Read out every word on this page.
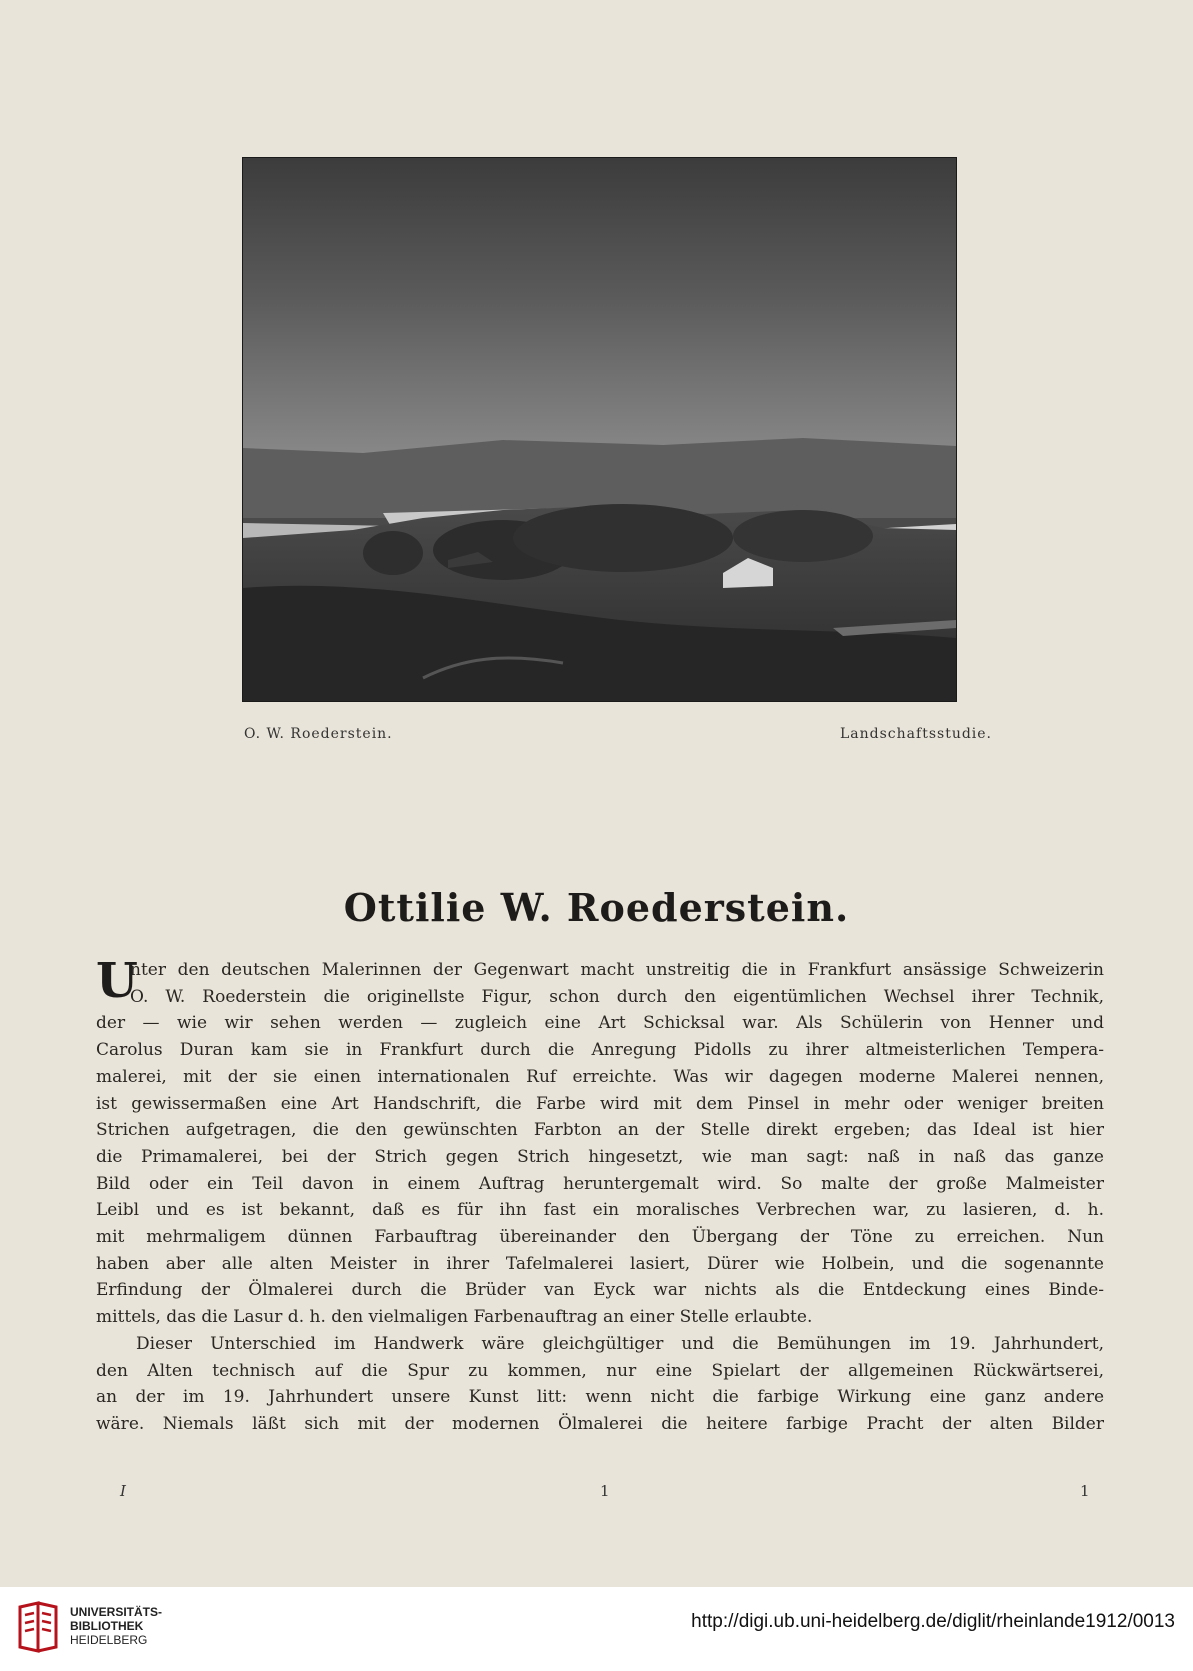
O. W. Roederstein.	Landschaftsstudie.
Ottilie W. Roederstein.

U
nter den deutschen Malerinnen der Gegenwart macht unstreitig die in Frankfurt ansässige Schweizerin

O. W. Roederstein die originellste Figur, schon durch den eigentümlichen Wechsel ihrer Technik,

der — wie wir sehen werden — zugleich eine Art Schicksal war. Als Schülerin von Henner und

Carolus Duran kam sie in Frankfurt durch die Anregung Pidolls zu ihrer altmeisterlichen Tempera-

malerei, mit der sie einen internationalen Ruf erreichte. Was wir dagegen moderne Malerei nennen,

ist gewissermaßen eine Art Handschrift, die Farbe wird mit dem Pinsel in mehr oder weniger breiten

Strichen aufgetragen, die den gewünschten Farbton an der Stelle direkt ergeben; das Ideal ist hier

die Primamalerei, bei der Strich gegen Strich hingesetzt, wie man sagt: naß in naß das ganze

Bild oder ein Teil davon in einem Auftrag heruntergemalt wird. So malte der große Malmeister

Leibl und es ist bekannt, daß es für ihn fast ein moralisches Verbrechen war, zu lasieren, d. h.

mit mehrmaligem dünnen Farbauftrag übereinander den Übergang der Töne zu erreichen. Nun

haben aber alle alten Meister in ihrer Tafelmalerei lasiert, Dürer wie Holbein, und die sogenannte

Erfindung der Ölmalerei durch die Brüder van Eyck war nichts als die Entdeckung eines Binde-

mittels, das die Lasur d. h. den vielmaligen Farbenauftrag an einer Stelle erlaubte.

Dieser Unterschied im Handwerk wäre gleichgültiger und die Bemühungen im 19. Jahrhundert,

den Alten technisch auf die Spur zu kommen, nur eine Spielart der allgemeinen Rückwärtserei,

an der im 19. Jahrhundert unsere Kunst litt: wenn nicht die farbige Wirkung eine ganz andere

wäre. Niemals läßt sich mit der modernen Ölmalerei die heitere farbige Pracht der alten Bilder

I	1	1
UNIVERSITÄTS-
BIBLIOTHEK
HEIDELBERG
http://digi.ub.uni-heidelberg.de/diglit/rheinlande1912/0013
